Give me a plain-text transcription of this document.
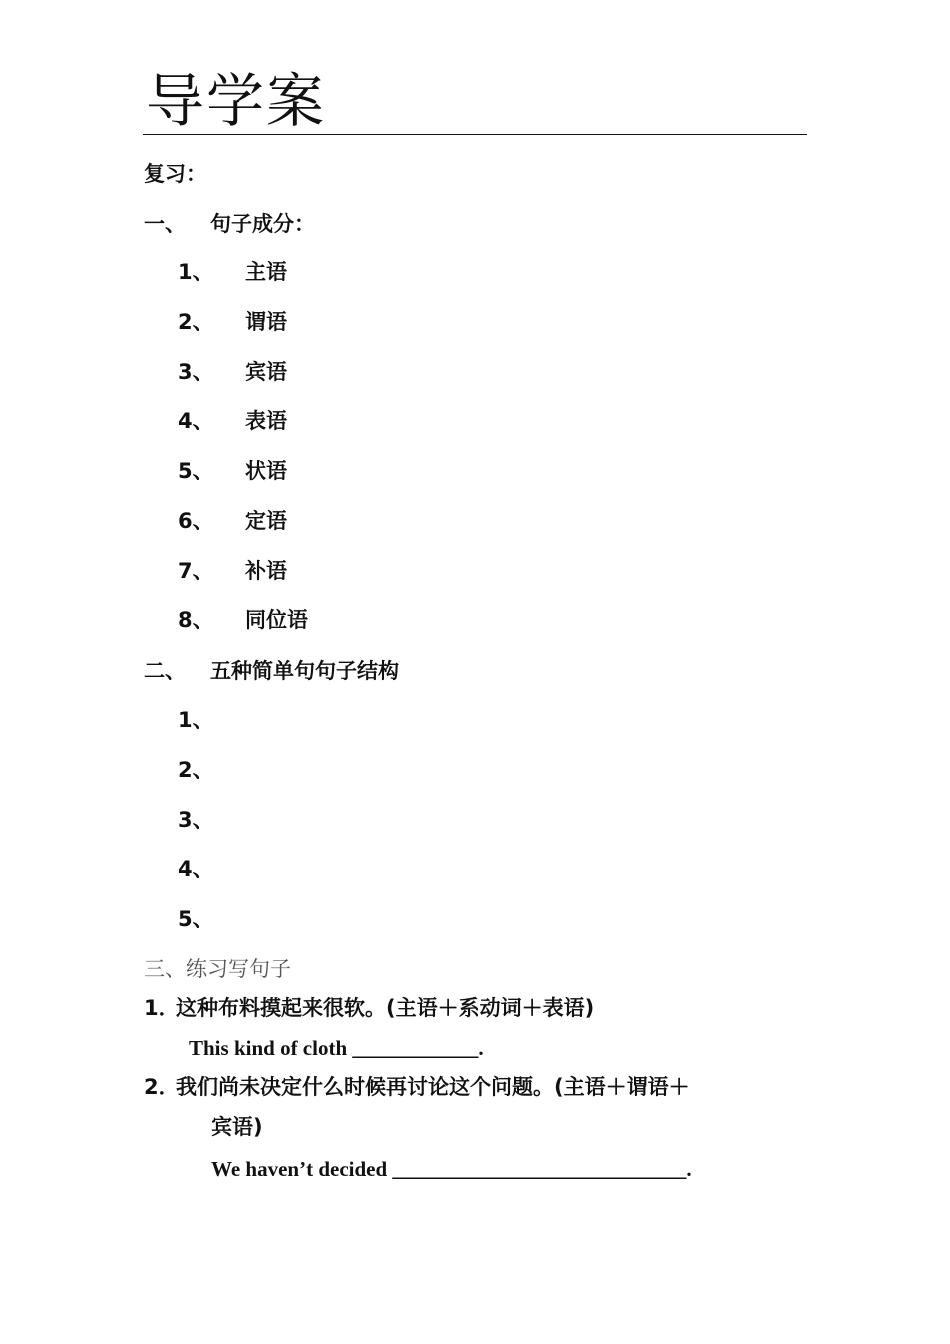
导学案
复习：
一、 句子成分：
1、 主语
2、 谓语
3、 宾语
4、 表语
5、 状语
6、 定语
7、 补语
8、 同位语
二、 五种简单句句子结构
1、
2、
3、
4、
5、
三、练习写句子
1．这种布料摸起来很软。(主语＋系动词＋表语)
This kind of cloth ____________.
2．我们尚未决定什么时候再讨论这个问题。(主语＋谓语＋
宾语)
We haven’t decided ____________________________.
